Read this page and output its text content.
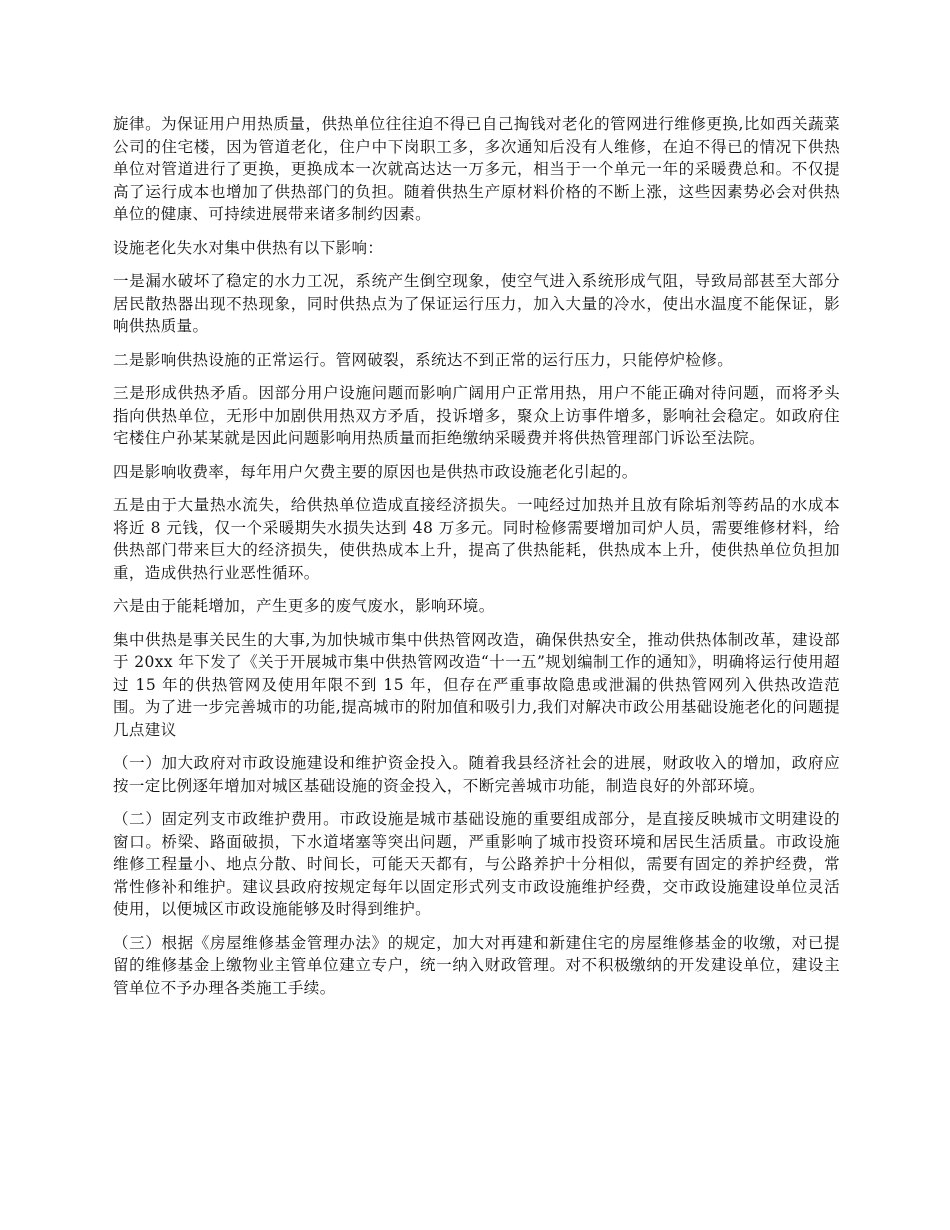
旋律。为保证用户用热质量，供热单位往往迫不得已自己掏钱对老化的管网进行维修更换,比如西关蔬菜公司的住宅楼，因为管道老化，住户中下岗职工多，多次通知后没有人维修，在迫不得已的情况下供热单位对管道进行了更换，更换成本一次就高达达一万多元，相当于一个单元一年的采暖费总和。不仅提高了运行成本也增加了供热部门的负担。随着供热生产原材料价格的不断上涨，这些因素势必会对供热单位的健康、可持续进展带来诸多制约因素。

设施老化失水对集中供热有以下影响：

一是漏水破坏了稳定的水力工况，系统产生倒空现象，使空气进入系统形成气阻，导致局部甚至大部分居民散热器出现不热现象，同时供热点为了保证运行压力，加入大量的冷水，使出水温度不能保证，影响供热质量。

二是影响供热设施的正常运行。管网破裂，系统达不到正常的运行压力，只能停炉检修。

三是形成供热矛盾。因部分用户设施问题而影响广阔用户正常用热，用户不能正确对待问题，而将矛头指向供热单位，无形中加剧供用热双方矛盾，投诉增多，聚众上访事件增多，影响社会稳定。如政府住宅楼住户孙某某就是因此问题影响用热质量而拒绝缴纳采暖费并将供热管理部门诉讼至法院。

四是影响收费率，每年用户欠费主要的原因也是供热市政设施老化引起的。

五是由于大量热水流失，给供热单位造成直接经济损失。一吨经过加热并且放有除垢剂等药品的水成本将近 8 元钱，仅一个采暖期失水损失达到 48 万多元。同时检修需要增加司炉人员，需要维修材料，给供热部门带来巨大的经济损失，使供热成本上升，提高了供热能耗，供热成本上升，使供热单位负担加重，造成供热行业恶性循环。

六是由于能耗增加，产生更多的废气废水，影响环境。

集中供热是事关民生的大事,为加快城市集中供热管网改造，确保供热安全，推动供热体制改革，建设部于 20xx 年下发了《关于开展城市集中供热管网改造“十一五”规划编制工作的通知》，明确将运行使用超过 15 年的供热管网及使用年限不到 15 年，但存在严重事故隐患或泄漏的供热管网列入供热改造范围。为了进一步完善城市的功能,提高城市的附加值和吸引力,我们对解决市政公用基础设施老化的问题提几点建议

（一）加大政府对市政设施建设和维护资金投入。随着我县经济社会的进展，财政收入的增加，政府应按一定比例逐年增加对城区基础设施的资金投入，不断完善城市功能，制造良好的外部环境。

（二）固定列支市政维护费用。市政设施是城市基础设施的重要组成部分，是直接反映城市文明建设的窗口。桥梁、路面破损，下水道堵塞等突出问题，严重影响了城市投资环境和居民生活质量。市政设施维修工程量小、地点分散、时间长，可能天天都有，与公路养护十分相似，需要有固定的养护经费，常常性修补和维护。建议县政府按规定每年以固定形式列支市政设施维护经费，交市政设施建设单位灵活使用，以便城区市政设施能够及时得到维护。

（三）根据《房屋维修基金管理办法》的规定，加大对再建和新建住宅的房屋维修基金的收缴，对已提留的维修基金上缴物业主管单位建立专户，统一纳入财政管理。对不积极缴纳的开发建设单位，建设主管单位不予办理各类施工手续。
